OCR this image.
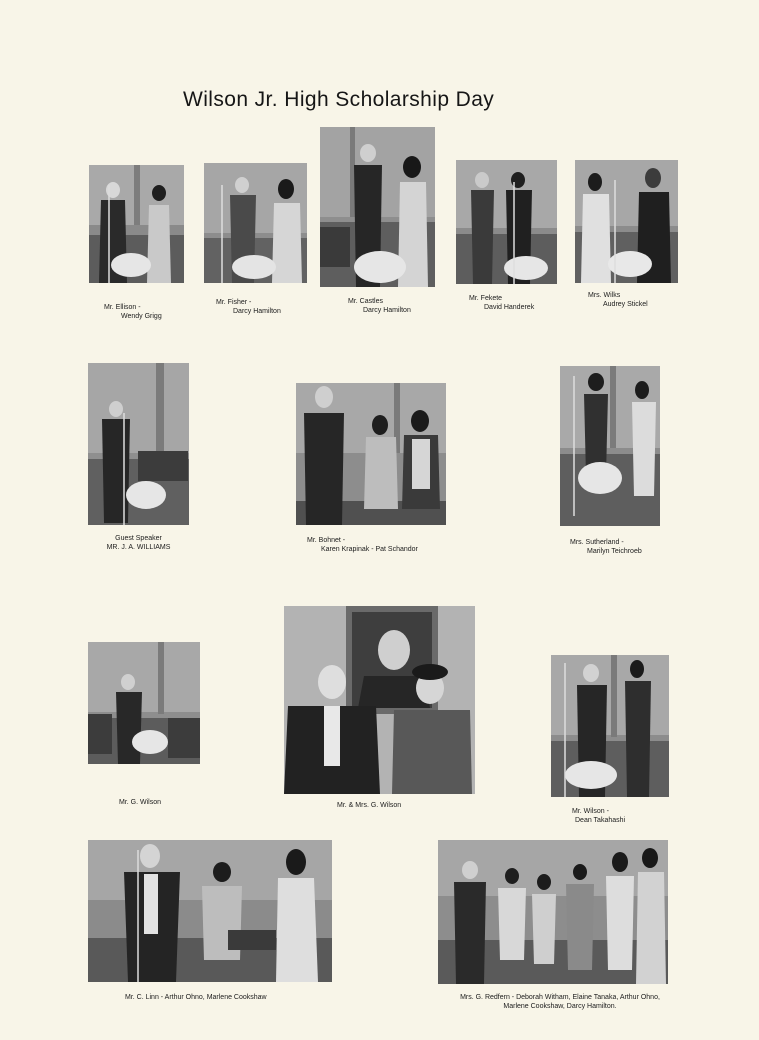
Wilson Jr. High Scholarship Day
Mr. Ellison -
Wendy Grigg
Mr. Fisher -
Darcy Hamilton
Mr. Castles
Darcy Hamilton
Mr. Fekete
David Handerek
Mrs. Wilks
Audrey Stickel
Guest Speaker
MR. J. A. WILLIAMS
Mr. Bohnet -
Karen Krapinak - Pat Schandor
Mrs. Sutherland -
Marilyn Teichroeb
Mr. G. Wilson	Mr. & Mrs. G. Wilson
Mr. Wilson -
Dean Takahashi
Mr. C. Linn - Arthur Ohno, Marlene Cookshaw	Mrs. G. Redfern - Deborah Witham, Elaine Tanaka, Arthur Ohno,
Marlene Cookshaw, Darcy Hamilton.
